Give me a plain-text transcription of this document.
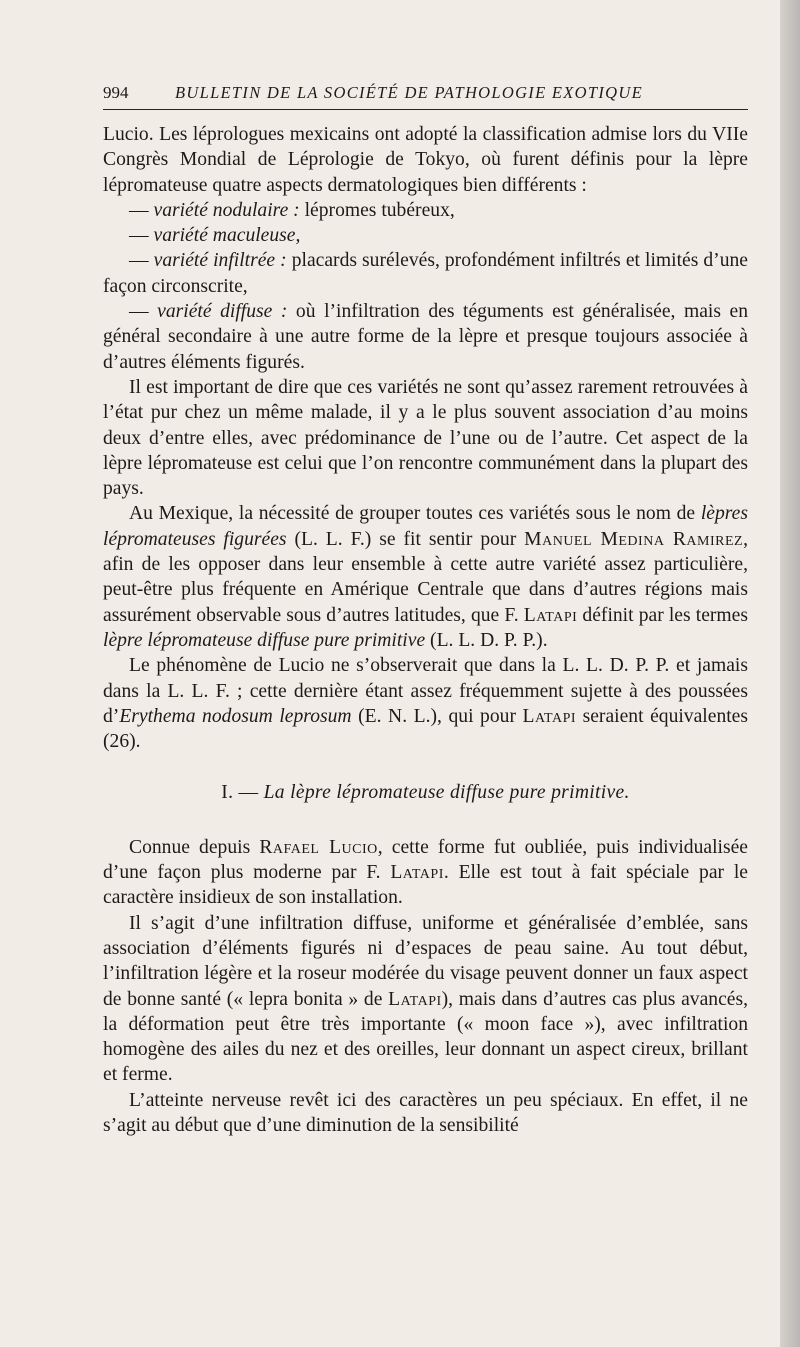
994	BULLETIN DE LA SOCIÉTÉ DE PATHOLOGIE EXOTIQUE

Lucio. Les léprologues mexicains ont adopté la classification admise lors du VIIe Congrès Mondial de Léprologie de Tokyo, où furent définis pour la lèpre lépromateuse quatre aspects dermatologiques bien différents :

— variété nodulaire : lépromes tubéreux,

— variété maculeuse,

— variété infiltrée : placards surélevés, profondément infiltrés et limités d’une façon circonscrite,

— variété diffuse : où l’infiltration des téguments est généralisée, mais en général secondaire à une autre forme de la lèpre et presque toujours associée à d’autres éléments figurés.

Il est important de dire que ces variétés ne sont qu’assez rarement retrouvées à l’état pur chez un même malade, il y a le plus souvent association d’au moins deux d’entre elles, avec prédominance de l’une ou de l’autre. Cet aspect de la lèpre lépromateuse est celui que l’on rencontre communément dans la plupart des pays.

Au Mexique, la nécessité de grouper toutes ces variétés sous le nom de lèpres lépromateuses figurées (L. L. F.) se fit sentir pour Manuel Medina Ramirez, afin de les opposer dans leur ensemble à cette autre variété assez particulière, peut-être plus fréquente en Amérique Centrale que dans d’autres régions mais assurément observable sous d’autres latitudes, que F. Latapi définit par les termes lèpre lépromateuse diffuse pure primitive (L. L. D. P. P.).

Le phénomène de Lucio ne s’observerait que dans la L. L. D. P. P. et jamais dans la L. L. F. ; cette dernière étant assez fréquemment sujette à des poussées d’Erythema nodosum leprosum (E. N. L.), qui pour Latapi seraient équivalentes (26).

I. — La lèpre lépromateuse diffuse pure primitive.

Connue depuis Rafael Lucio, cette forme fut oubliée, puis individualisée d’une façon plus moderne par F. Latapi. Elle est tout à fait spéciale par le caractère insidieux de son installation.

Il s’agit d’une infiltration diffuse, uniforme et généralisée d’emblée, sans association d’éléments figurés ni d’espaces de peau saine. Au tout début, l’infiltration légère et la roseur modérée du visage peuvent donner un faux aspect de bonne santé (« lepra bonita » de Latapi), mais dans d’autres cas plus avancés, la déformation peut être très importante (« moon face »), avec infiltration homogène des ailes du nez et des oreilles, leur donnant un aspect cireux, brillant et ferme.

L’atteinte nerveuse revêt ici des caractères un peu spéciaux. En effet, il ne s’agit au début que d’une diminution de la sensibilité
